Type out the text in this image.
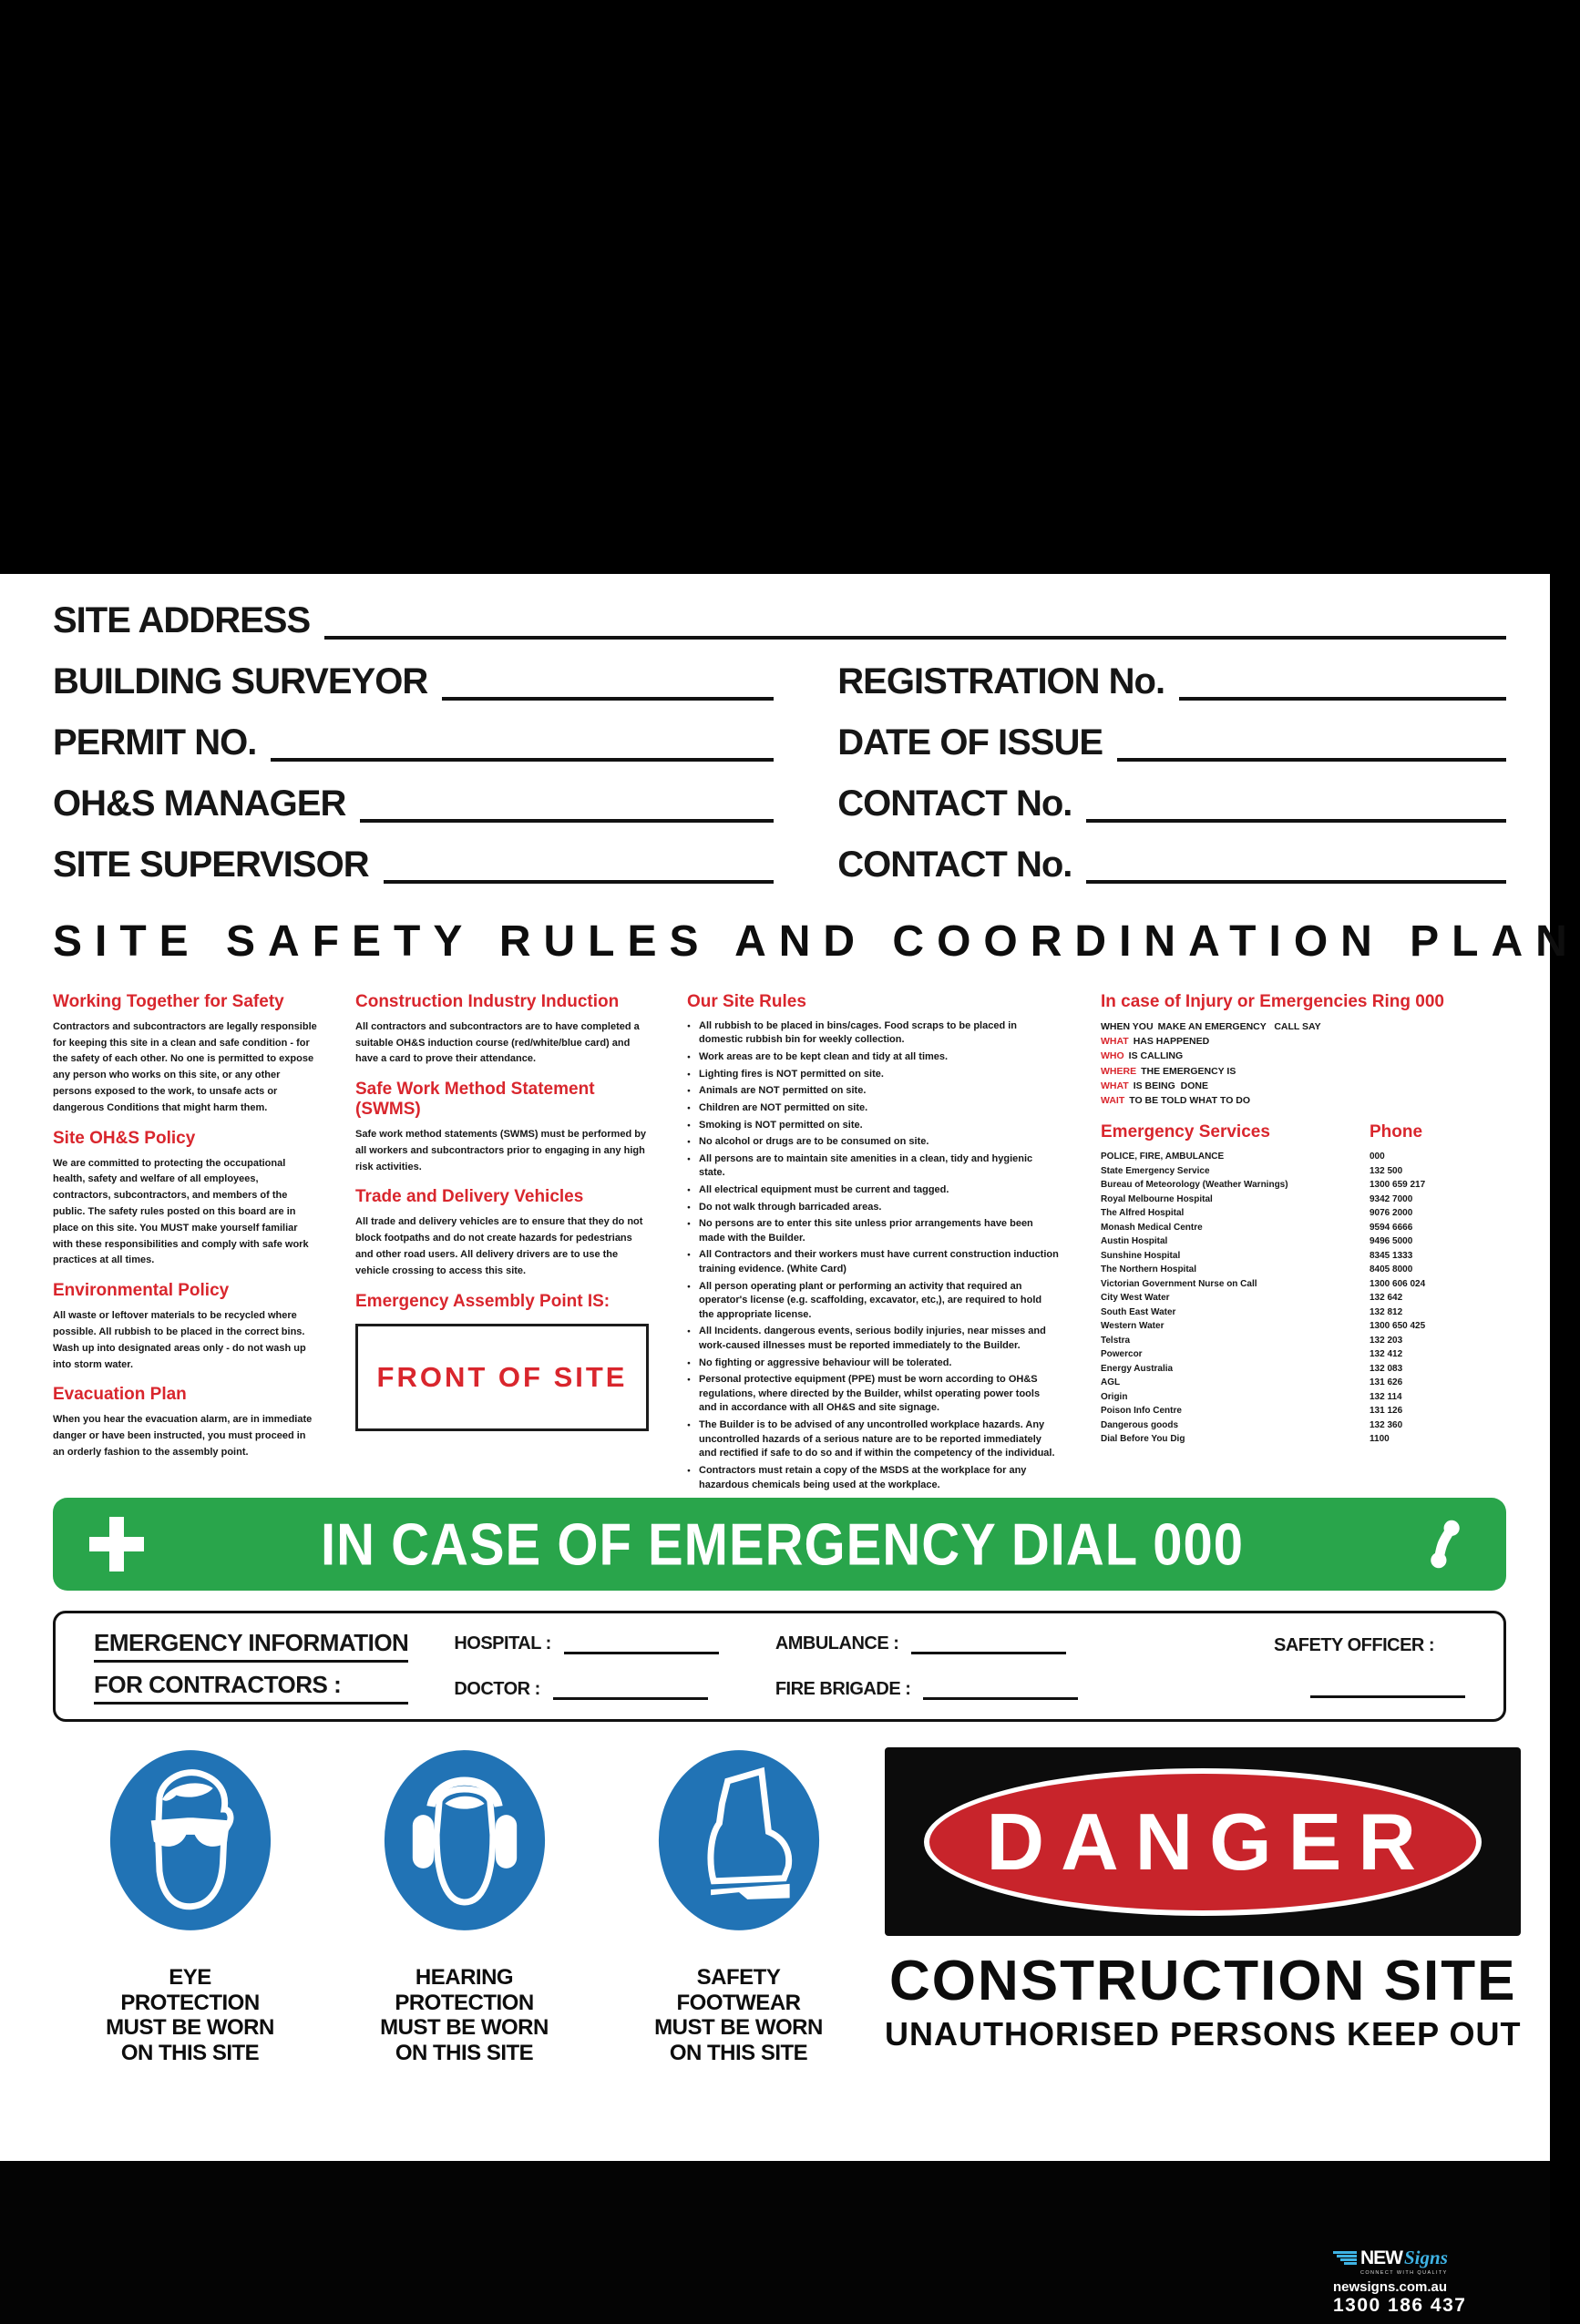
SITE ADDRESS
BUILDING SURVEYOR	REGISTRATION No.
PERMIT NO.	DATE OF ISSUE
OH&S MANAGER	CONTACT No.
SITE SUPERVISOR	CONTACT No.
SITE SAFETY RULES AND COORDINATION PLAN
Working Together for Safety

Contractors and subcontractors are legally responsible for keeping this site in a clean and safe condition - for the safety of each other. No one is permitted to expose any person who works on this site, or any other persons exposed to the work, to unsafe acts or dangerous Conditions that might harm them.

Site OH&S Policy

We are committed to protecting the occupational health, safety and welfare of all employees, contractors, subcontractors, and members of the public. The safety rules posted on this board are in place on this site. You MUST make yourself familiar with these responsibilities and comply with safe work practices at all times.

Environmental Policy

All waste or leftover materials to be recycled where possible. All rubbish to be placed in the correct bins. Wash up into designated areas only - do not wash up into storm water.

Evacuation Plan

When you hear the evacuation alarm, are in immediate danger or have been instructed, you must proceed in an orderly fashion to the assembly point.

Construction Industry Induction

All contractors and subcontractors are to have completed a suitable OH&S induction course (red/white/blue card) and have a card to prove their attendance.

Safe Work Method Statement (SWMS)

Safe work method statements (SWMS) must be performed by all workers and subcontractors prior to engaging in any high risk activities.

Trade and Delivery Vehicles

All trade and delivery vehicles are to ensure that they do not block footpaths and do not create hazards for pedestrians and other road users. All delivery drivers are to use the vehicle crossing to access this site.

Emergency Assembly Point IS:
FRONT OF SITE
Our Site Rules
● All rubbish to be placed in bins/cages. Food scraps to be placed in domestic rubbish bin for weekly collection.
● Work areas are to be kept clean and tidy at all times.
● Lighting fires is NOT permitted on site.
● Animals are NOT permitted on site.
● Children are NOT permitted on site.
● Smoking is NOT permitted on site.
● No alcohol or drugs are to be consumed on site.
● All persons are to maintain site amenities in a clean, tidy and hygienic state.
● All electrical equipment must be current and tagged.
● Do not walk through barricaded areas.
● No persons are to enter this site unless prior arrangements have been made with the Builder.
● All Contractors and their workers must have current construction induction training evidence. (White Card)
● All person operating plant or performing an activity that required an operator's license (e.g. scaffolding, excavator, etc,), are required to hold the appropriate license.
● All Incidents. dangerous events, serious bodily injuries, near misses and work-caused illnesses must be reported immediately to the Builder.
● No fighting or aggressive behaviour will be tolerated.
● Personal protective equipment (PPE) must be worn according to OH&S regulations, where directed by the Builder, whilst operating power tools and in accordance with all OH&S and site signage.
● The Builder is to be advised of any uncontrolled workplace hazards. Any uncontrolled hazards of a serious nature are to be reported immediately and rectified if safe to do so and if within the competency of the individual.
● Contractors must retain a copy of the MSDS at the workplace for any hazardous chemicals being used at the workplace.
In case of Injury or Emergencies Ring 000
WHEN YOU MAKE AN EMERGENCY   CALL SAY
WHAT HAS HAPPENED
WHO IS CALLING
WHERE THE EMERGENCY IS
WHAT IS BEING  DONE
WAIT TO BE TOLD WHAT TO DO
Emergency Services	Phone
POLICE, FIRE, AMBULANCE	000
State Emergency Service	132 500
Bureau of Meteorology (Weather Warnings)	1300 659 217
Royal Melbourne Hospital	9342 7000
The Alfred Hospital	9076 2000
Monash Medical Centre	9594 6666
Austin Hospital	9496 5000
Sunshine Hospital	8345 1333
The Northern Hospital	8405 8000
Victorian Government Nurse on Call	1300 606 024
City West Water	132 642
South East Water	132 812
Western Water	1300 650 425
Telstra	132 203
Powercor	132 412
Energy Australia	132 083
AGL	131 626
Origin	132 114
Poison Info Centre	131 126
Dangerous goods	132 360
Dial Before You Dig	1100
IN CASE OF EMERGENCY DIAL 000
EMERGENCY INFORMATION
FOR CONTRACTORS :
HOSPITAL :
DOCTOR :
AMBULANCE :
FIRE BRIGADE :
SAFETY OFFICER :
EYE
PROTECTION
MUST BE WORN
ON THIS SITE
HEARING
PROTECTION
MUST BE WORN
ON THIS SITE
SAFETY
FOOTWEAR
MUST BE WORN
ON THIS SITE
DANGER
CONSTRUCTION SITE
UNAUTHORISED PERSONS KEEP OUT
NEW Signs
CONNECT WITH QUALITY
newsigns.com.au
1300 186 437
